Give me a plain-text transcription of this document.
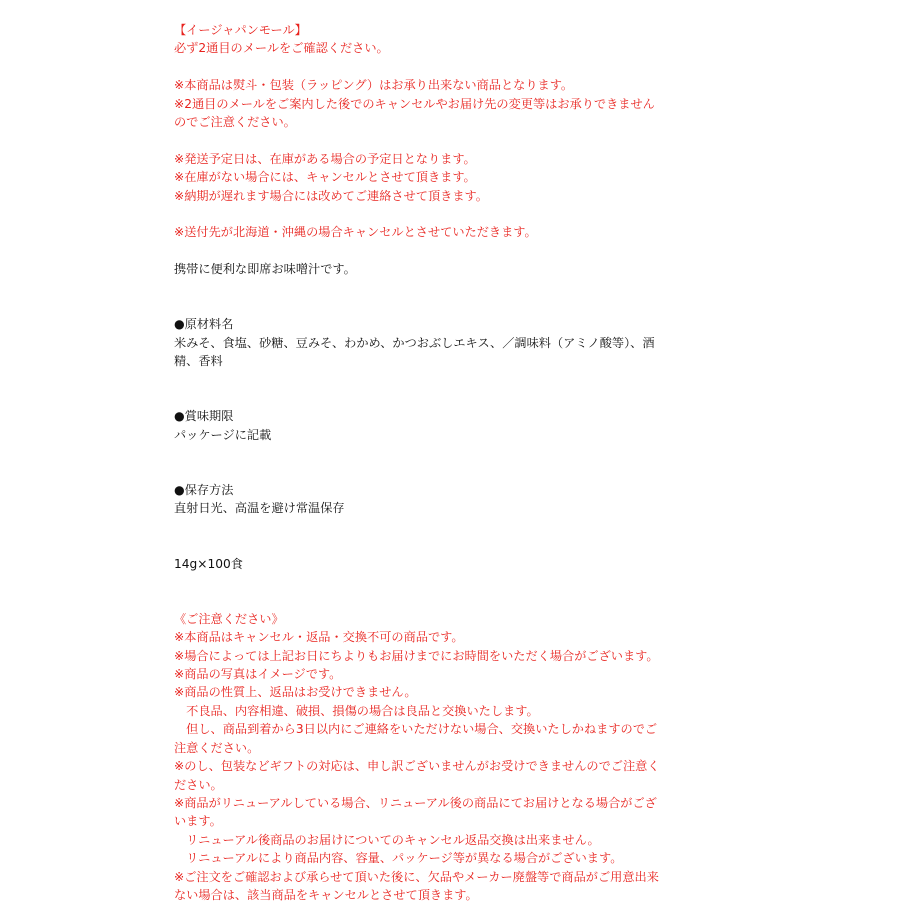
【イージャパンモール】
必ず2通目のメールをご確認ください。
※本商品は熨斗・包装（ラッピング）はお承り出来ない商品となります。
※2通目のメールをご案内した後でのキャンセルやお届け先の変更等はお承りできません
のでご注意ください。
※発送予定日は、在庫がある場合の予定日となります。
※在庫がない場合には、キャンセルとさせて頂きます。
※納期が遅れます場合には改めてご連絡させて頂きます。
※送付先が北海道・沖縄の場合キャンセルとさせていただきます。
携帯に便利な即席お味噌汁です。
●原材料名
米みそ、食塩、砂糖、豆みそ、わかめ、かつおぶしエキス、／調味料（アミノ酸等）、酒
精、香料
●賞味期限
パッケージに記載
●保存方法
直射日光、高温を避け常温保存
14g×100食
《ご注意ください》
※本商品はキャンセル・返品・交換不可の商品です。
※場合によっては上記お日にちよりもお届けまでにお時間をいただく場合がございます。
※商品の写真はイメージです。
※商品の性質上、返品はお受けできません。
　不良品、内容相違、破損、損傷の場合は良品と交換いたします。
　但し、商品到着から3日以内にご連絡をいただけない場合、交換いたしかねますのでご
注意ください。
※のし、包装などギフトの対応は、申し訳ございませんがお受けできませんのでご注意く
ださい。
※商品がリニューアルしている場合、リニューアル後の商品にてお届けとなる場合がござ
います。
　リニューアル後商品のお届けについてのキャンセル返品交換は出来ません。
　リニューアルにより商品内容、容量、パッケージ等が異なる場合がございます。
※ご注文をご確認および承らせて頂いた後に、欠品やメーカー廃盤等で商品がご用意出来
ない場合は、該当商品をキャンセルとさせて頂きます。
